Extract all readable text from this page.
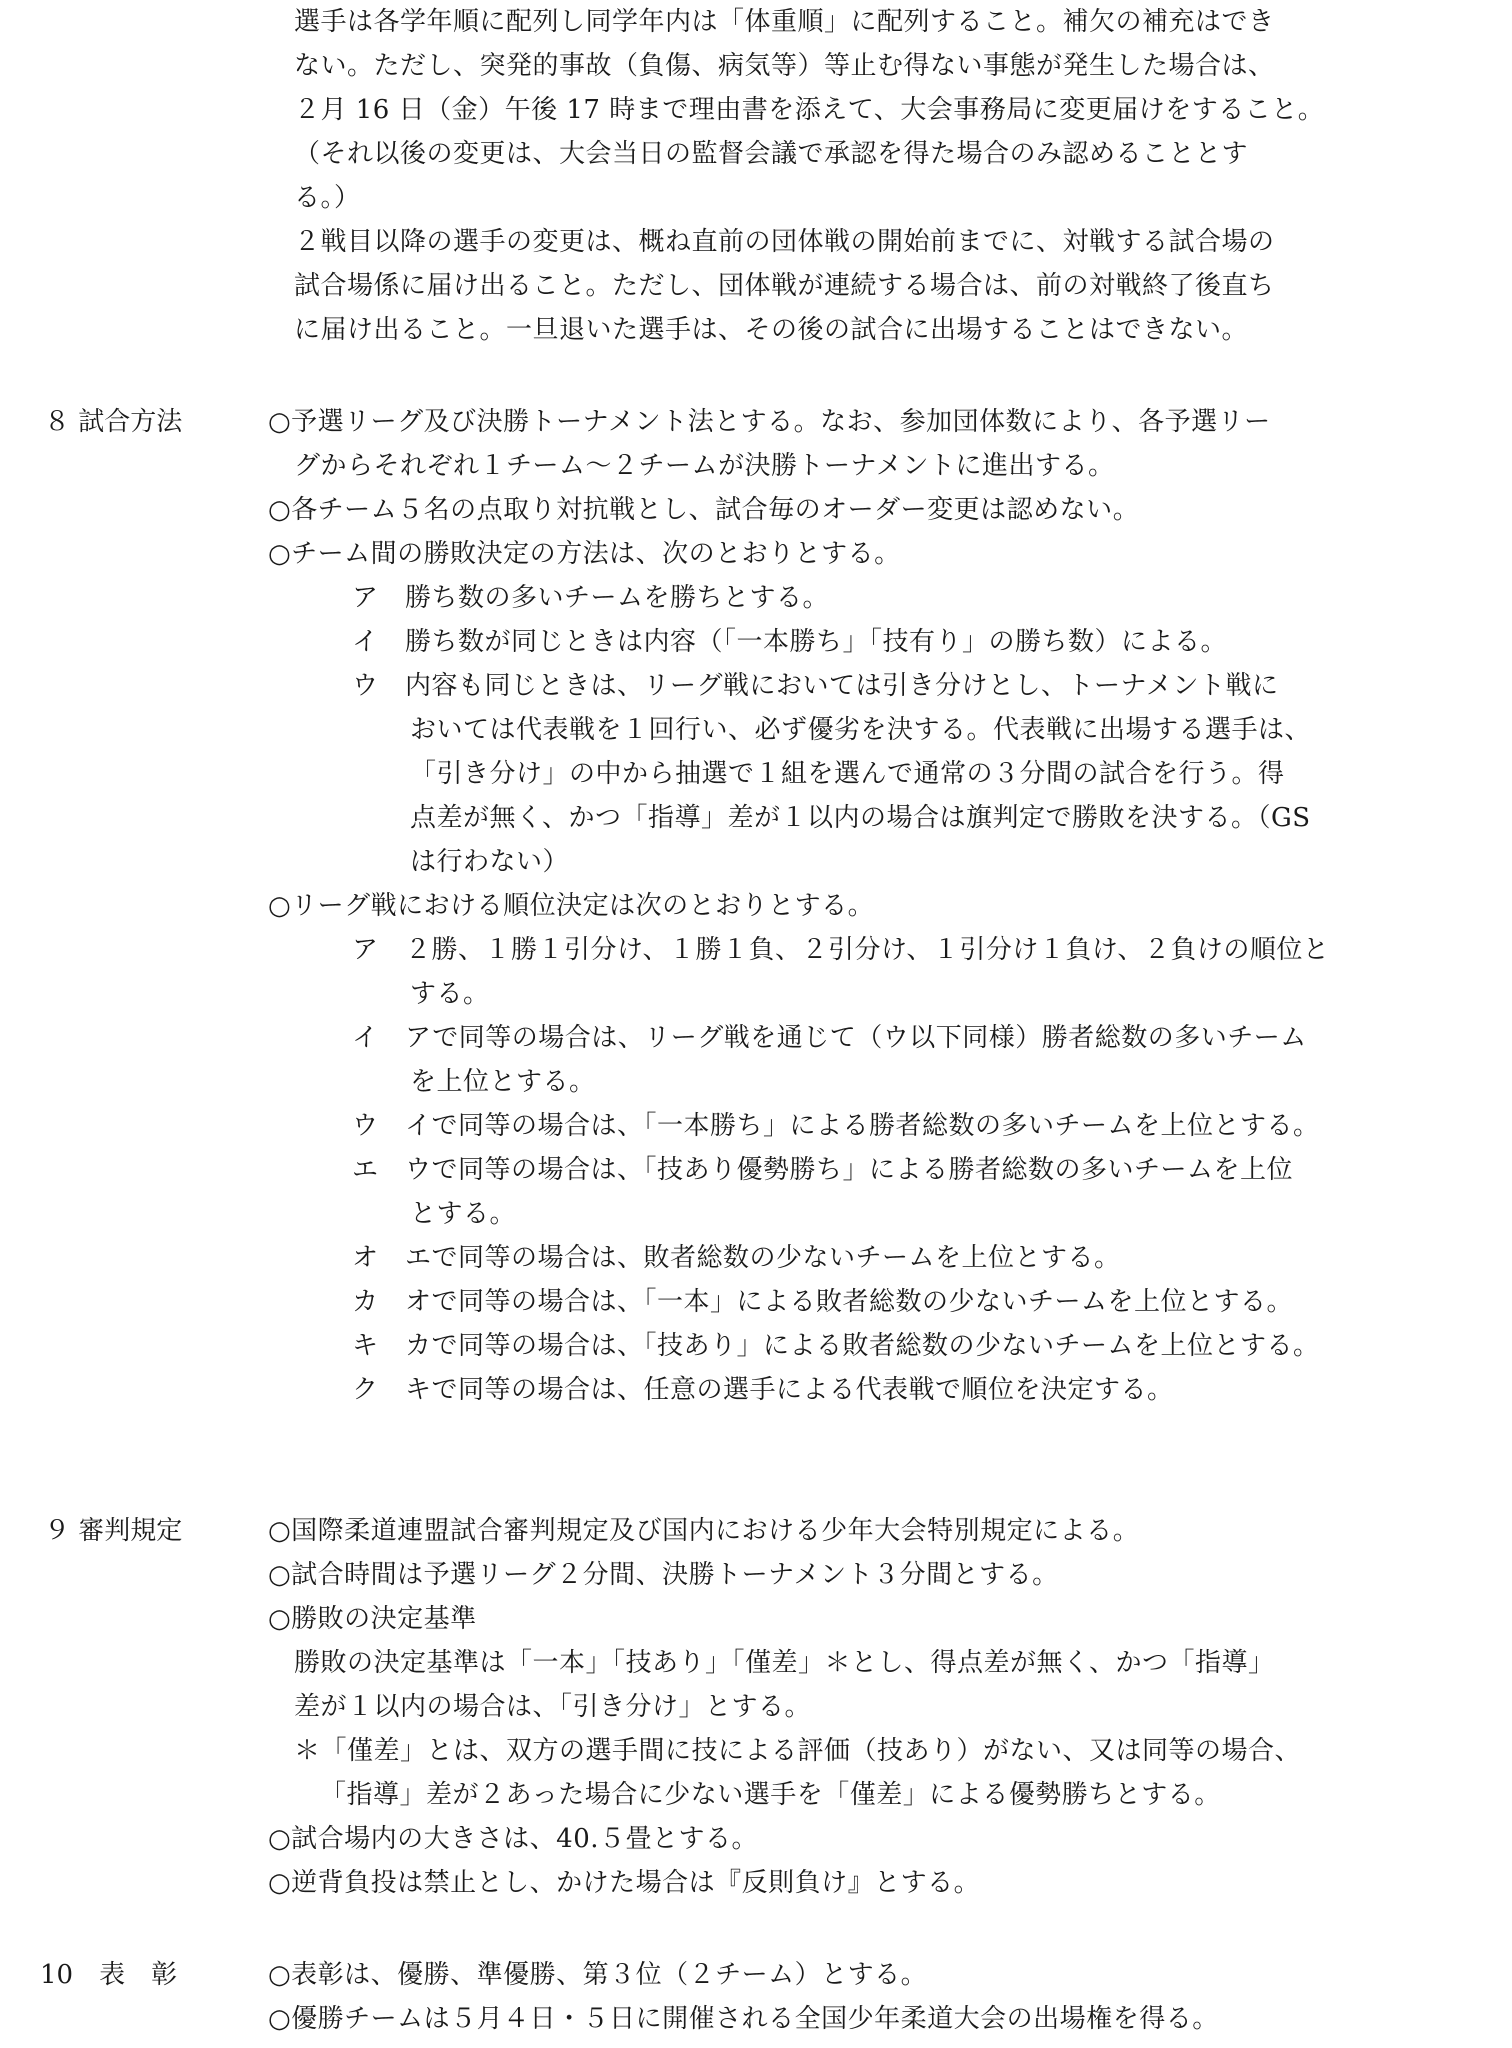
選手は各学年順に配列し同学年内は「体重順」に配列すること。補欠の補充はでき
ない。ただし、突発的事故（負傷、病気等）等止む得ない事態が発生した場合は、
２月 16 日（金）午後 17 時まで理由書を添えて、大会事務局に変更届けをすること。
（それ以後の変更は、大会当日の監督会議で承認を得た場合のみ認めることとす
る。）
２戦目以降の選手の変更は、概ね直前の団体戦の開始前までに、対戦する試合場の
試合場係に届け出ること。ただし、団体戦が連続する場合は、前の対戦終了後直ち
に届け出ること。一旦退いた選手は、その後の試合に出場することはできない。
８ 試合方法	○予選リーグ及び決勝トーナメント法とする。なお、参加団体数により、各予選リー
グからそれぞれ１チーム～２チームが決勝トーナメントに進出する。
○各チーム５名の点取り対抗戦とし、試合毎のオーダー変更は認めない。
○チーム間の勝敗決定の方法は、次のとおりとする。
ア　勝ち数の多いチームを勝ちとする。
イ　勝ち数が同じときは内容（「一本勝ち」「技有り」の勝ち数）による。
ウ　内容も同じときは、リーグ戦においては引き分けとし、トーナメント戦に
おいては代表戦を１回行い、必ず優劣を決する。代表戦に出場する選手は、
「引き分け」の中から抽選で１組を選んで通常の３分間の試合を行う。得
点差が無く、かつ「指導」差が１以内の場合は旗判定で勝敗を決する。（GS
は行わない）
○リーグ戦における順位決定は次のとおりとする。
ア　２勝、１勝１引分け、１勝１負、２引分け、１引分け１負け、２負けの順位と
する。
イ　アで同等の場合は、リーグ戦を通じて（ウ以下同様）勝者総数の多いチーム
を上位とする。
ウ　イで同等の場合は、「一本勝ち」による勝者総数の多いチームを上位とする。
エ　ウで同等の場合は、「技あり優勢勝ち」による勝者総数の多いチームを上位
とする。
オ　エで同等の場合は、敗者総数の少ないチームを上位とする。
カ　オで同等の場合は、「一本」による敗者総数の少ないチームを上位とする。
キ　カで同等の場合は、「技あり」による敗者総数の少ないチームを上位とする。
ク　キで同等の場合は、任意の選手による代表戦で順位を決定する。
９ 審判規定	○国際柔道連盟試合審判規定及び国内における少年大会特別規定による。
○試合時間は予選リーグ２分間、決勝トーナメント３分間とする。
○勝敗の決定基準
勝敗の決定基準は「一本」「技あり」「僅差」＊とし、得点差が無く、かつ「指導」
差が１以内の場合は、「引き分け」とする。
＊「僅差」とは、双方の選手間に技による評価（技あり）がない、又は同等の場合、
「指導」差が２あった場合に少ない選手を「僅差」による優勢勝ちとする。
○試合場内の大きさは、40.５畳とする。
○逆背負投は禁止とし、かけた場合は『反則負け』とする。
10　表　彰	○表彰は、優勝、準優勝、第３位（２チーム）とする。
○優勝チームは５月４日・５日に開催される全国少年柔道大会の出場権を得る。
